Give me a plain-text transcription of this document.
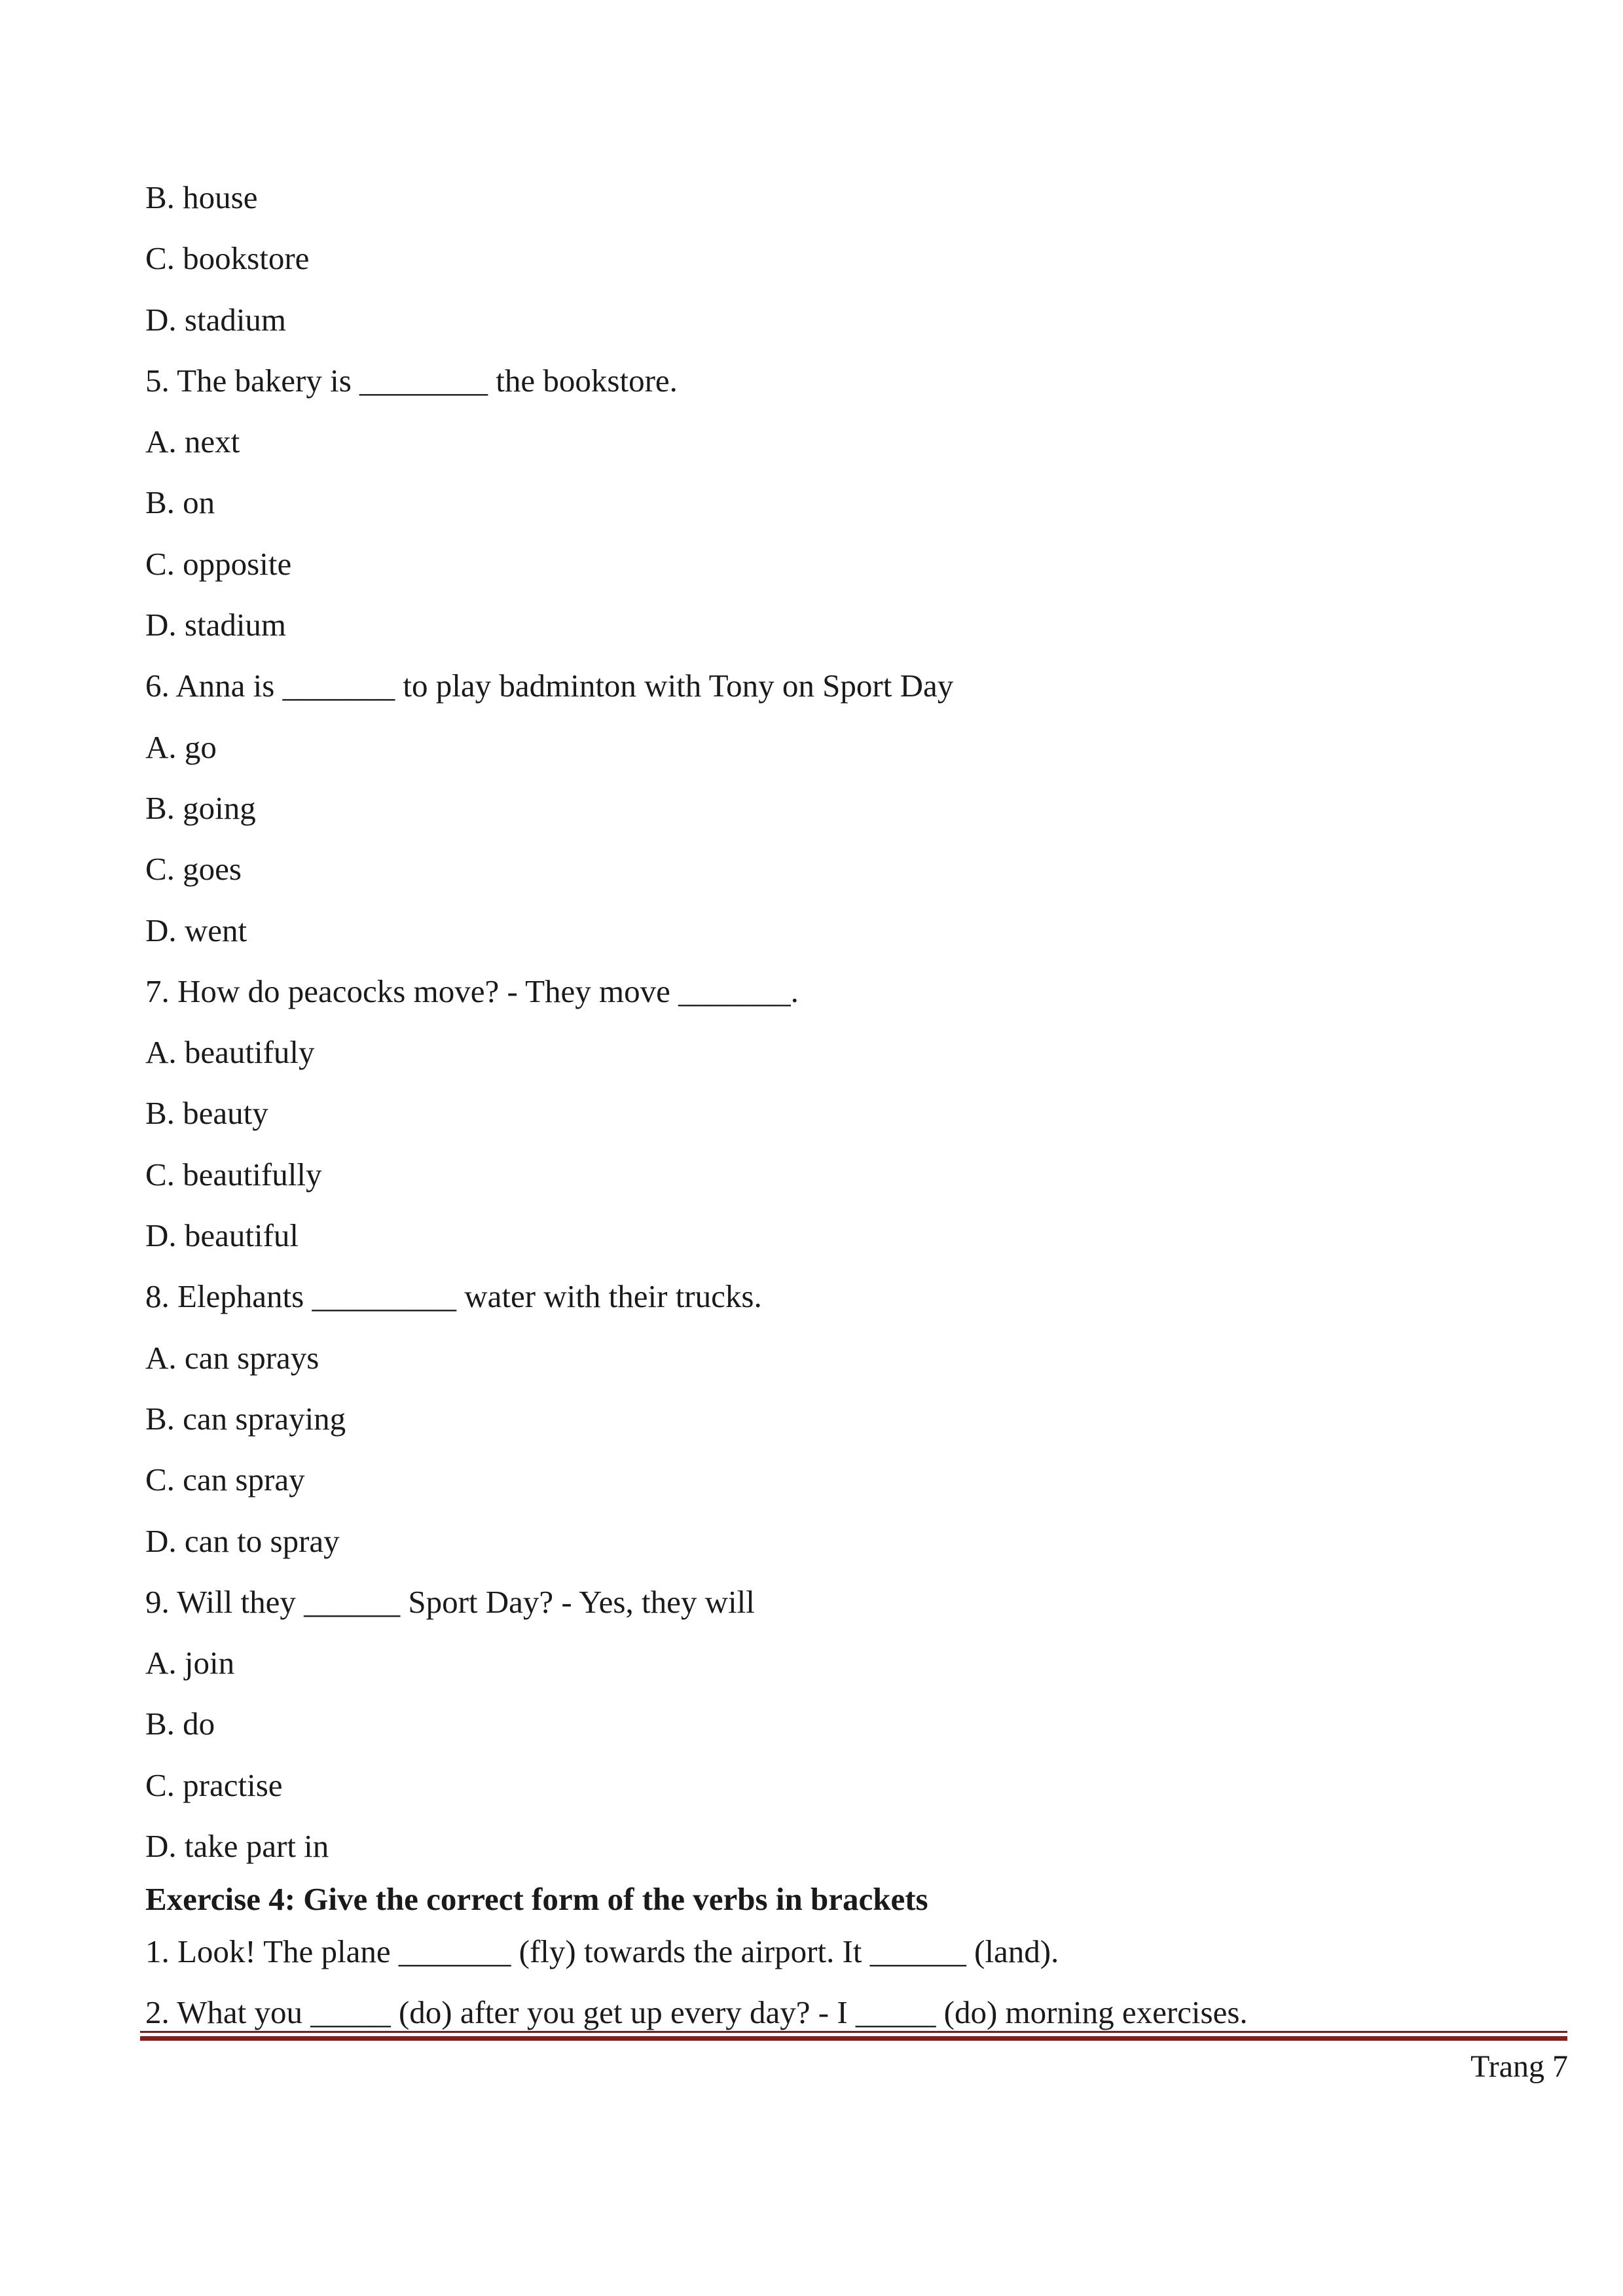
B. house

C. bookstore

D. stadium

5. The bakery is ________ the bookstore.

A. next

B. on

C. opposite

D. stadium

6. Anna is _______ to play badminton with Tony on Sport Day

A. go

B. going

C. goes

D. went

7. How do peacocks move? - They move _______.

A. beautifuly

B. beauty

C. beautifully

D. beautiful

8. Elephants _________ water with their trucks.

A. can sprays

B. can spraying

C. can spray

D. can to spray

9. Will they ______ Sport Day? - Yes, they will

A. join

B. do

C. practise

D. take part in

Exercise 4: Give the correct form of the verbs in brackets

1. Look! The plane _______ (fly) towards the airport. It ______ (land).

2. What you _____ (do) after you get up every day? - I _____ (do) morning exercises.

Trang 7
